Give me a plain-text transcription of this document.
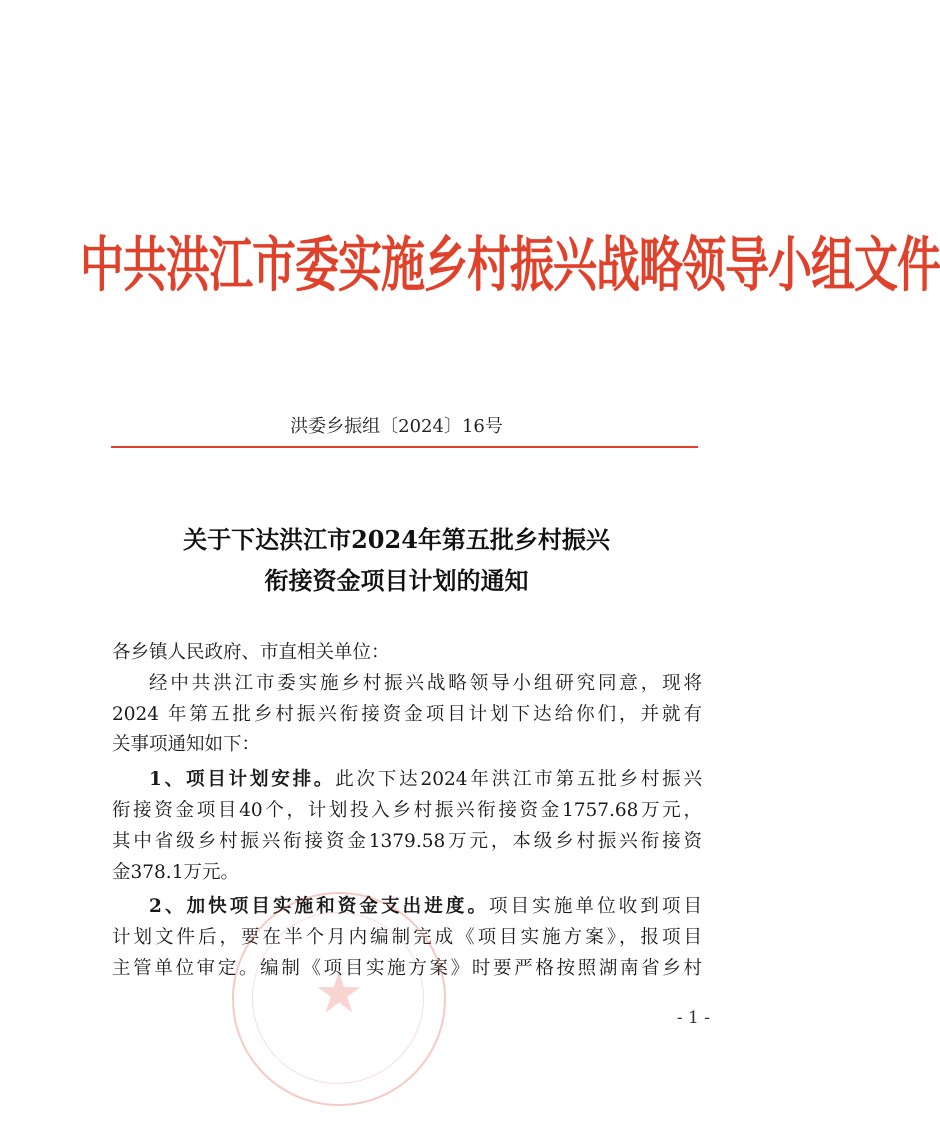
中共洪江市委实施乡村振兴战略领导小组文件
洪委乡振组〔2024〕16号
关于下达洪江市2024年第五批乡村振兴
衔接资金项目计划的通知
各乡镇人民政府、市直相关单位：
经中共洪江市委实施乡村振兴战略领导小组研究同意，现将
2024 年第五批乡村振兴衔接资金项目计划下达给你们，并就有
关事项通知如下：
1、项目计划安排。此次下达2024年洪江市第五批乡村振兴
衔接资金项目40个，计划投入乡村振兴衔接资金1757.68万元，
其中省级乡村振兴衔接资金1379.58万元，本级乡村振兴衔接资
金378.1万元。
2、加快项目实施和资金支出进度。项目实施单位收到项目
计划文件后，要在半个月内编制完成《项目实施方案》，报项目
主管单位审定。编制《项目实施方案》时要严格按照湖南省乡村
★	- 1 -
